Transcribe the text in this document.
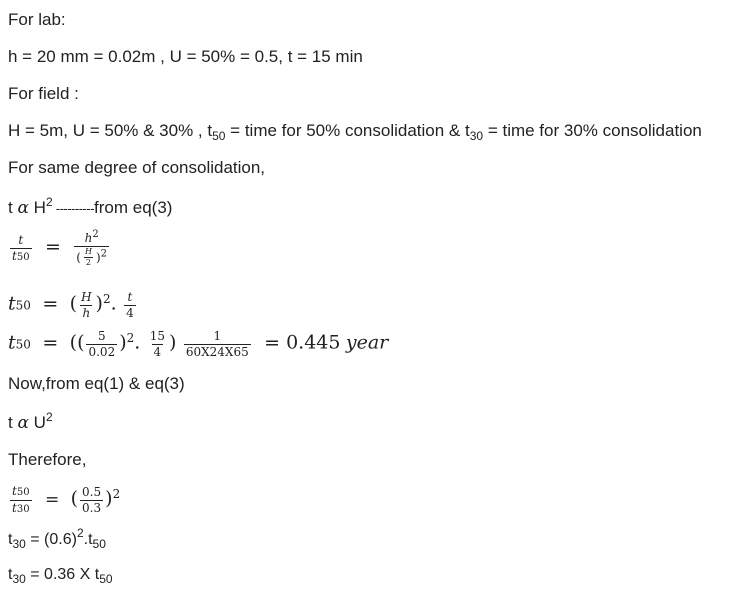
For lab:
h = 20 mm = 0.02m , U = 50% = 0.5, t = 15 min
For field :
H = 5m, U = 50% & 30% , $t_{50}$ = time for 50% consolidation & $t_{30}$ = time for 30% consolidation
For same degree of consolidation,
t α $H^2$ ----------from eq(3)
$\frac{t}{t50} = \frac{h^2}{( \frac{H}{2} )^2}$
t50 = ( $\frac{H}{h} )^2$. $\frac{t}{4}$
t50 = (( $\frac{5}{0.02} )^2$. $\frac{15}{4}$ ) $\frac{1}{60X24X65} = 0.445$ year
Now,from eq(1) & eq(3)
t α $U^2$
Therefore,
$\frac{t50}{t30}$ = ( $\frac{0.5}{0.3} )^2$
$t_{30} = (0.6)^2.t_{50}$
$t_{30} = 0.36$ X $t_{50}$
